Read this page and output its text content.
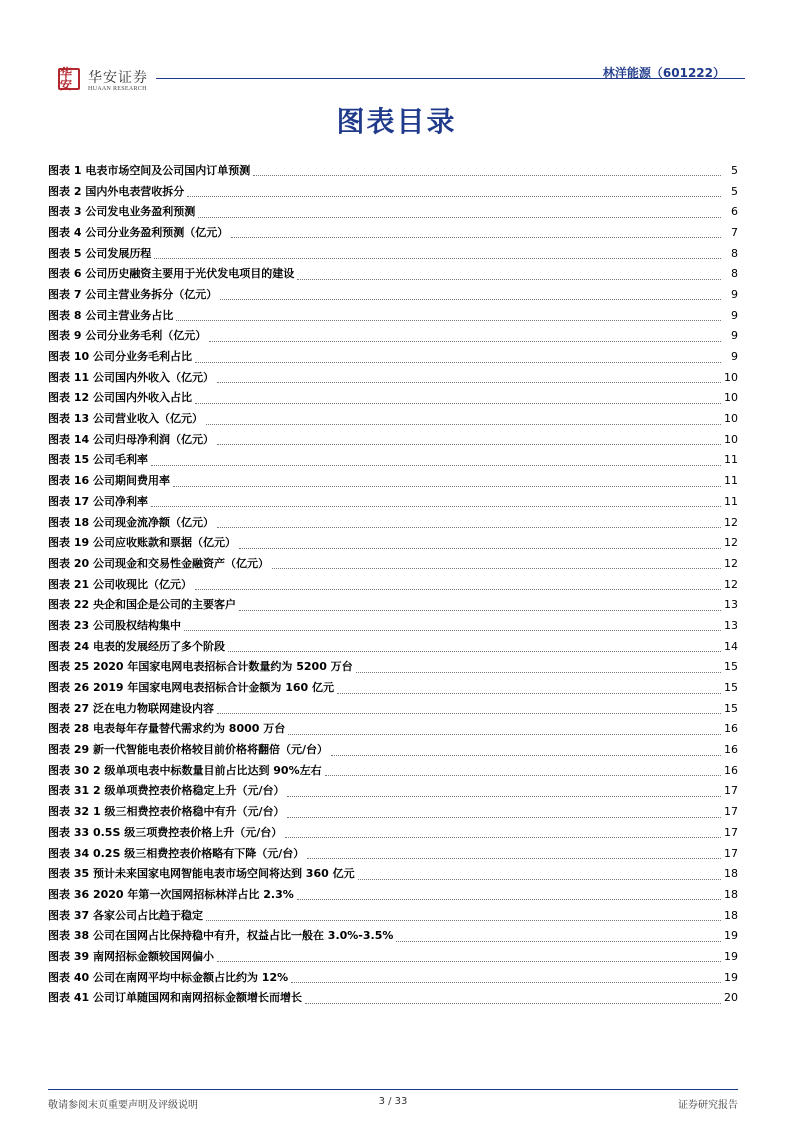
华安	华安证券
HUAAN RESEARCH
林洋能源（601222）
图表目录
图表 1 电表市场空间及公司国内订单预测	5
图表 2 国内外电表营收拆分	5
图表 3 公司发电业务盈利预测	6
图表 4 公司分业务盈利预测（亿元）	7
图表 5 公司发展历程	8
图表 6 公司历史融资主要用于光伏发电项目的建设	8
图表 7 公司主营业务拆分（亿元）	9
图表 8 公司主营业务占比	9
图表 9 公司分业务毛利（亿元）	9
图表 10 公司分业务毛利占比	9
图表 11 公司国内外收入（亿元）	10
图表 12 公司国内外收入占比	10
图表 13 公司营业收入（亿元）	10
图表 14 公司归母净利润（亿元）	10
图表 15 公司毛利率	11
图表 16 公司期间费用率	11
图表 17 公司净利率	11
图表 18 公司现金流净额（亿元）	12
图表 19 公司应收账款和票据（亿元）	12
图表 20 公司现金和交易性金融资产（亿元）	12
图表 21 公司收现比（亿元）	12
图表 22 央企和国企是公司的主要客户	13
图表 23 公司股权结构集中	13
图表 24 电表的发展经历了多个阶段	14
图表 25 2020 年国家电网电表招标合计数量约为 5200 万台	15
图表 26 2019 年国家电网电表招标合计金额为 160 亿元	15
图表 27 泛在电力物联网建设内容	15
图表 28 电表每年存量替代需求约为 8000 万台	16
图表 29 新一代智能电表价格较目前价格将翻倍（元/台）	16
图表 30 2 级单项电表中标数量目前占比达到 90%左右	16
图表 31 2 级单项费控表价格稳定上升（元/台）	17
图表 32 1 级三相费控表价格稳中有升（元/台）	17
图表 33 0.5S 级三项费控表价格上升（元/台）	17
图表 34 0.2S 级三相费控表价格略有下降（元/台）	17
图表 35 预计未来国家电网智能电表市场空间将达到 360 亿元	18
图表 36 2020 年第一次国网招标林洋占比 2.3%	18
图表 37 各家公司占比趋于稳定	18
图表 38 公司在国网占比保持稳中有升，权益占比一般在 3.0%-3.5%	19
图表 39 南网招标金额较国网偏小	19
图表 40 公司在南网平均中标金额占比约为 12%	19
图表 41 公司订单随国网和南网招标金额增长而增长	20
敬请参阅末页重要声明及评级说明	3 / 33	证券研究报告
